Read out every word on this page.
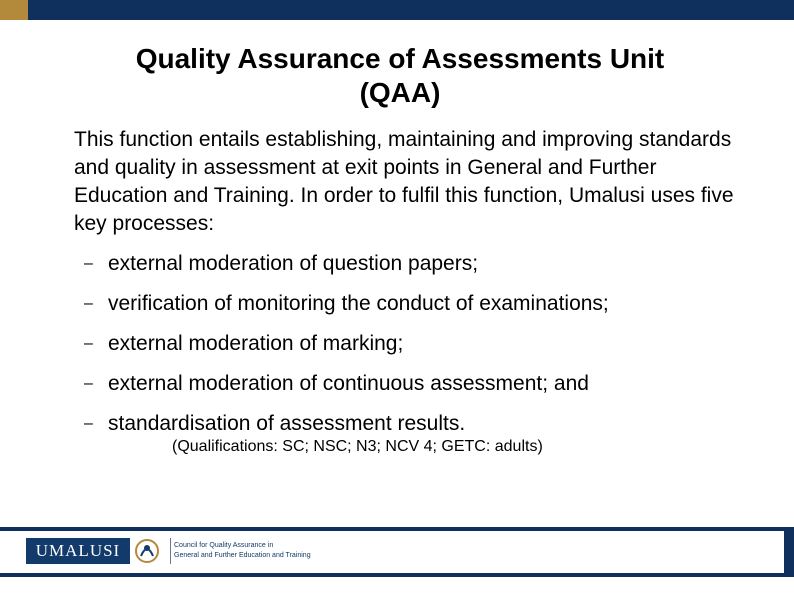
Quality Assurance of Assessments Unit
(QAA)
This function entails establishing, maintaining and improving standards and quality in assessment at exit points in General and Further Education and Training. In order to fulfil this function, Umalusi uses five key processes:
– external moderation of question papers;
– verification of monitoring the conduct of examinations;
– external moderation of marking;
– external moderation of continuous assessment; and
– standardisation of assessment results.
(Qualifications: SC; NSC; N3; NCV 4; GETC: adults)
UMALUSI	Council for Quality Assurance in
General and Further Education and Training
